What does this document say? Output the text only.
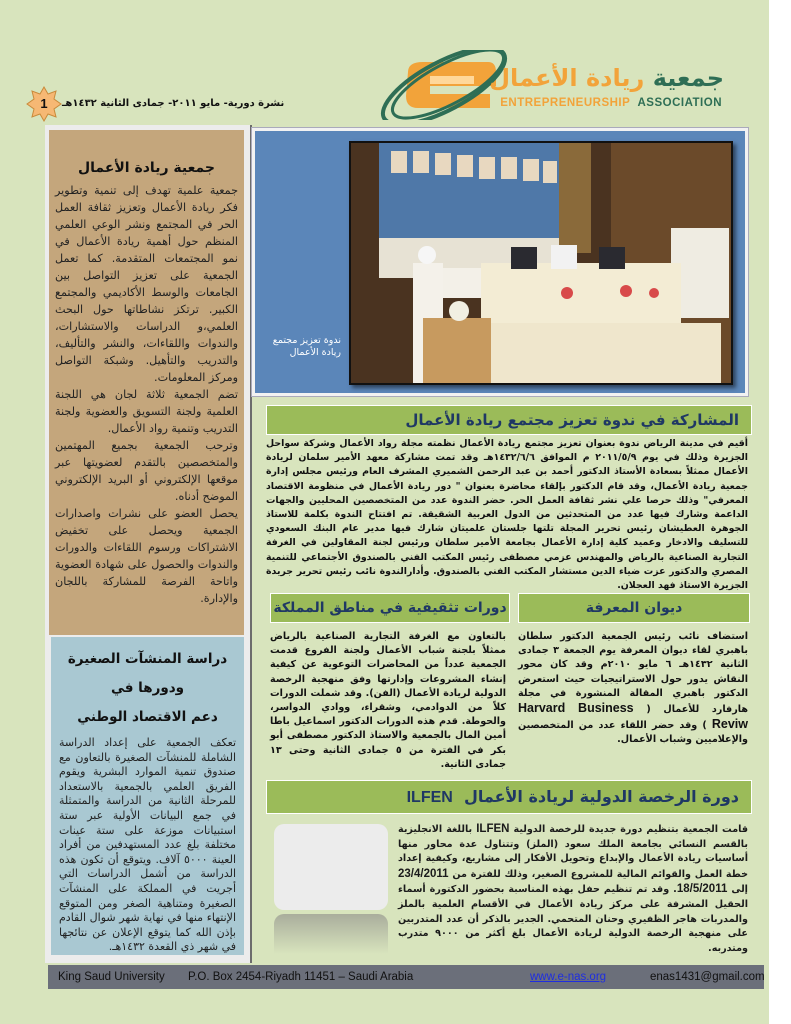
جمعية ريادة الأعمال
ENTREPRENEURSHIP ASSOCIATION
نشرة دورية- مايو ٢٠١١- جمادى الثانية ١٤٣٢هـ
1
جمعية ريادة الأعمال

جمعية علمية تهدف إلى تنمية وتطوير فكر ريادة الأعمال وتعزيز ثقافة العمل الحر في المجتمع ونشر الوعي العلمي المنظم حول أهمية ريادة الأعمال في نمو المجتمعات المتقدمة. كما تعمل الجمعية على تعزيز التواصل بين الجامعات والوسط الأكاديمي والمجتمع الكبير. ترتكز نشاطاتها حول البحث العلمي،و الدراسات والاستشارات، والندوات واللقاءات، والنشر والتأليف، والتدريب والتأهيل. وشبكة التواصل ومركز المعلومات.

تضم الجمعية ثلاثة لجان هي اللجنة العلمية ولجنة التسويق والعضوية ولجنة التدريب وتنمية رواد الأعمال.

وترحب الجمعية بجميع المهتمين والمتخصصين بالتقدم لعضويتها عبر موقعها الإلكتروني أو البريد الإلكتروني الموضح أدناه.

يحصل العضو على نشرات واصدارات الجمعية ويحصل على تخفيض الاشتراكات ورسوم اللقاءات والدورات والندوات والحصول على شهادة العضوية واتاحة الفرصة للمشاركة باللجان والإدارة.

دراسة المنشآت الصغيرة ودورها في
دعم الاقتصاد الوطني

تعكف الجمعية على إعداد الدراسة الشاملة للمنشآت الصغيرة بالتعاون مع صندوق تنمية الموارد البشرية ويقوم الفريق العلمي بالجمعية بالاستعداد للمرحلة الثانية من الدراسة والمتمثلة في جمع البيانات الأولية عبر ستة استبيانات موزعة على ستة عينات مختلفة بلغ عدد المستهدفين من أفراد العينة ٥٠٠٠ آلاف. ويتوقع أن تكون هذه الدراسة من أشمل الدراسات التي أجريت في المملكة على المنشآت الصغيرة ومتناهية الصغر ومن المتوقع الإنتهاء منها في نهاية شهر شوال القادم بإذن الله كما يتوقع الإعلان عن نتائجها في شهر ذي القعدة ١٤٣٢هـ.

ندوة تعزيز مجتمع ريادة الأعمال
المشاركة في ندوة تعزيز مجتمع ريادة الأعمال
أقيم في مدينة الرياض ندوة بعنوان تعزيز مجتمع ريادة الأعمال نظمته مجلة رواد الأعمال وشركة سواحل الجزيرة وذلك في يوم ٢٠١١/٥/٩ م الموافق ١٤٣٢/٦/٦هـ وقد تمت مشاركة معهد الأمير سلمان لريادة الأعمال ممثلاً بسعادة الأستاذ الدكتور أحمد بن عبد الرحمن الشميري المشرف العام ورئيس مجلس إدارة جمعية ريادة الأعمال، وقد قام الدكتور بإلقاء محاضرة بعنوان " دور ريادة الأعمال في منظومة الاقتصاد المعرفي" وذلك حرصا علي نشر ثقافة العمل الحر. حضر الندوة عدد من المتخصصين المحليين والجهات الداعمة وشارك فيها عدد من المتحدثين من الدول العربية الشقيقة. تم افتتاح الندوة بكلمة للاستاذ الجوهرة العطيشان رئيس تحرير المجلة تلتها جلستان علميتان شارك فيها مدير عام البنك السعودي للتسليف والادخار وعميد كلية إدارة الأعمال بجامعة الأمير سلطان ورئيس لجنة المقاولين في الغرفة التجارية الصناعية بالرياض والمهندس عزمي مصطفى رئيس المكتب الفني بالصندوق الأجتماعي للتنمية المصري والدكتور عزت ضياء الدين مستشار المكتب الفني بالصندوق. وأدارالندوة نائب رئيس تحرير جريدة الجزيرة الاستاذ فهد العجلان.
ديوان المعرفة
استضاف نائب رئيس الجمعية الدكتور سلطان باهبري لقاء ديوان المعرفة يوم الجمعة ٣ جمادى الثانية ١٤٣٢هـ ٦ مايو ٢٠١٠م وقد كان محور النقاش يدور حول الاستراتيجيات حيث استعرض الدكتور باهبري المقالة المنشورة في مجلة هارفارد للأعمال ( Harvard Business Reviw ) وقد حضر اللقاء عدد من المتخصصين والإعلاميين وشباب الأعمال.
دورات تثقيفية في مناطق المملكة
بالتعاون مع الغرفة التجارية الصناعية بالرياض ممثلاً بلجنة شباب الأعمال ولجنة الفروع قدمت الجمعية عدداً من المحاضرات التوعوية عن كيفية إنشاء المشروعات وإدارتها وفق منهجية الرخصة الدولية لريادة الأعمال (الفن). وقد شملت الدورات كلاً من الدوادمي، وشقراء، ووادي الدواسر، والحوطة. قدم هذه الدورات الدكتور اسماعيل باطا أمين المال بالجمعية والاستاذ الدكتور مصطفى أبو بكر في الفترة من ٥ جمادى الثانية وحتى ١٣ جمادى الثانية.
دورة الرخصة الدولية لريادة الأعمال  ILFEN
قامت الجمعية بتنظيم دورة جديدة للرخصة الدولية ILFEN باللغة الانجليزية بالقسم النسائي بجامعة الملك سعود (الملز) وتتناول عدة محاور منها أساسيات ريادة الأعمال والإبداع وتحويل الأفكار إلى مشاريع، وكيفية إعداد خطة العمل والقوائم المالية للمشروع الصغير، وذلك للفترة من 23/4/2011 إلى 18/5/2011. وقد تم تنظيم حفل بهذه المناسبة بحضور الدكتورة أسماء الحقيل المشرفة على مركز ريادة الأعمال في الأقسام العلمية بالملز والمدربات هاجر الظفيري وحنان المتحمي. الجدير بالذكر أن عدد المتدربين على منهجية الرخصة الدولية لريادة الأعمال بلغ أكثر من ٩٠٠٠ متدرب ومتدربه.
King Saud University P.O. Box 2454-Riyadh 11451 – Saudi Arabia	www.e-nas.org	enas1431@gmail.com
